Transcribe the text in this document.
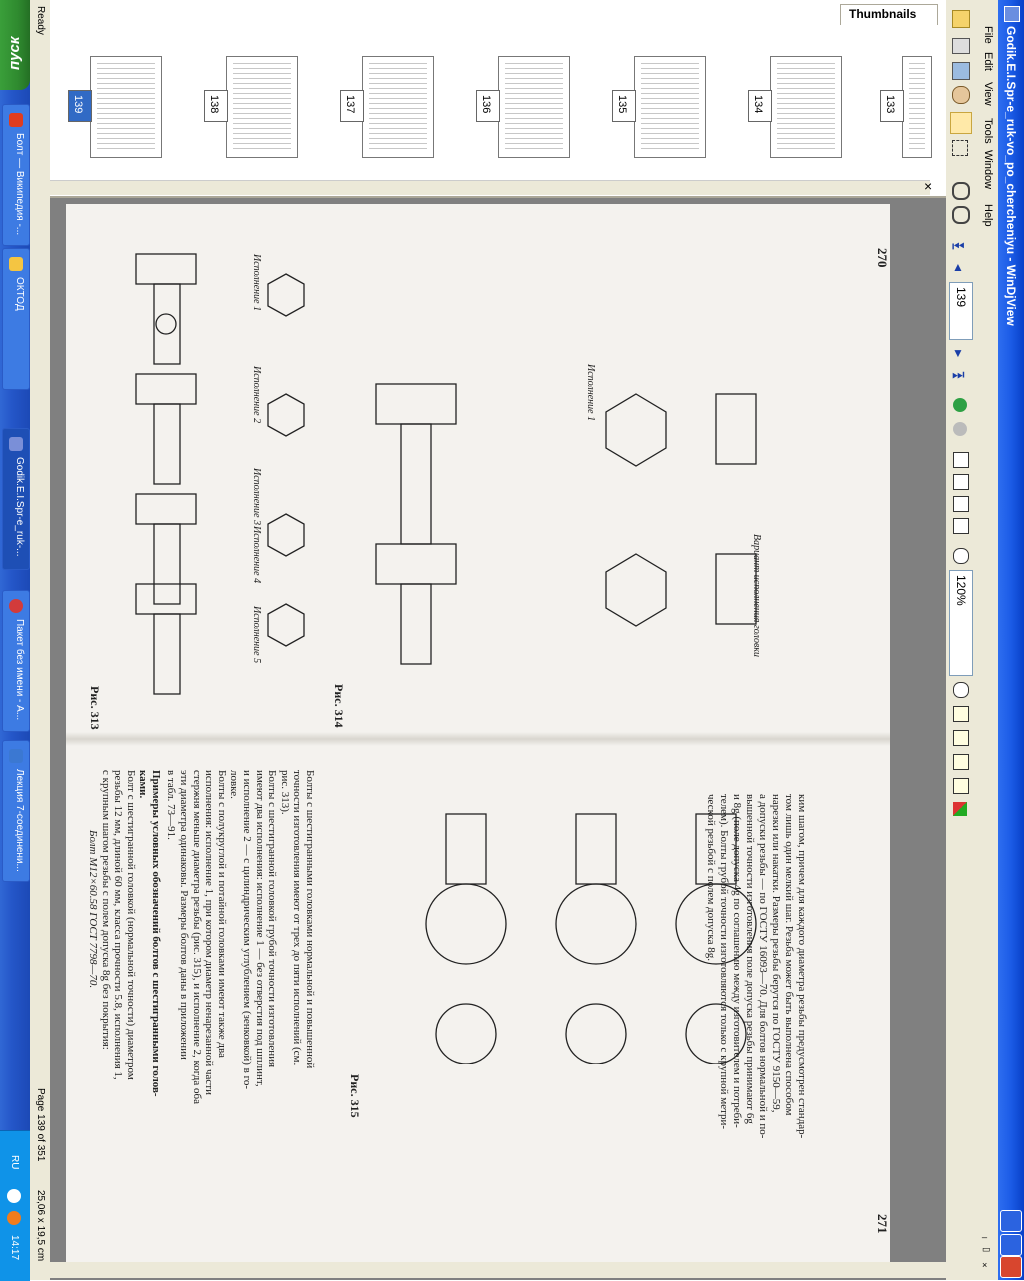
пуск
Болт — Википедия -...
ОКТОД
Godik.E.I.Spr-e_ruk-...
Пакет без имени - А...
Лекция 7-соединени...
RU
14:17
Ready
Page 139 of 351
25,06 x 19,5 cm
×
139	138	137	136	135	134	133
Thumbnails
270
271
Рис. 313
Исполнение 1
Исполнение 2
Исполнение 3
Исполнение 4
Исполнение 5
Рис. 314
Вариант исполнения головки
Исполнение 1
Рис. 315	ким шагом, причем для каждого диаметра резьбы предусмотрен стандар-
том лишь один мелкий шаг. Резьба может быть выполнена способом
нарезки или накатки. Размеры резьбы берутся по ГОСТУ 9150—59,
а допуски резьбы — по ГОСТУ 16093—70. Для болтов нормальной и по-
вышенной точности изготовления поле допуска резьбы принимают 6g
и 8g (поле допуска 4g по соглашению между изготовителем и потреби-
телем). Болты грубой точности изготовляются только с крупной метри-
ческой резьбой с полем допуска 8g.
Болты с шестигранными головками нормальной и повышенной
точности изготовления имеют от трех до пяти исполнений (см.
рис. 313).
Болты с шестигранной головкой грубой точности изготовления
имеют два исполнения: исполнение 1 — без отверстия под шплинт,
и исполнение 2 — с цилиндрическим углублением (зенковкой) в го-
ловке.
Болты с полукруглой и потайной головками имеют также два
исполнения: исполнение 1, при котором диаметр ненарезанной части
стержня меньше диаметра резьбы (рис. 315), и исполнение 2, когда оба
эти диаметра одинаковы. Размеры болтов даны в приложении
в табл. 73—91.
Примеры условных обозначений болтов с шестигранными голов-
ками.
Болт с шестигранной головкой (нормальной точности) диаметром
резьбы 12 мм, длиной 60 мм, класса прочности 5.8, исполнения 1,
с крупным шагом резьбы с полем допуска 8g без покрытия:
Болт М12×60.58 ГОСТ 7798—70.
⏮
▲
139
▼
⏭
120%
File
Edit
View
Tools
Window
Help
_
▭
×
Godik.E.I.Spr-e_ruk-vo_po_chercheniyu - WinDjView
